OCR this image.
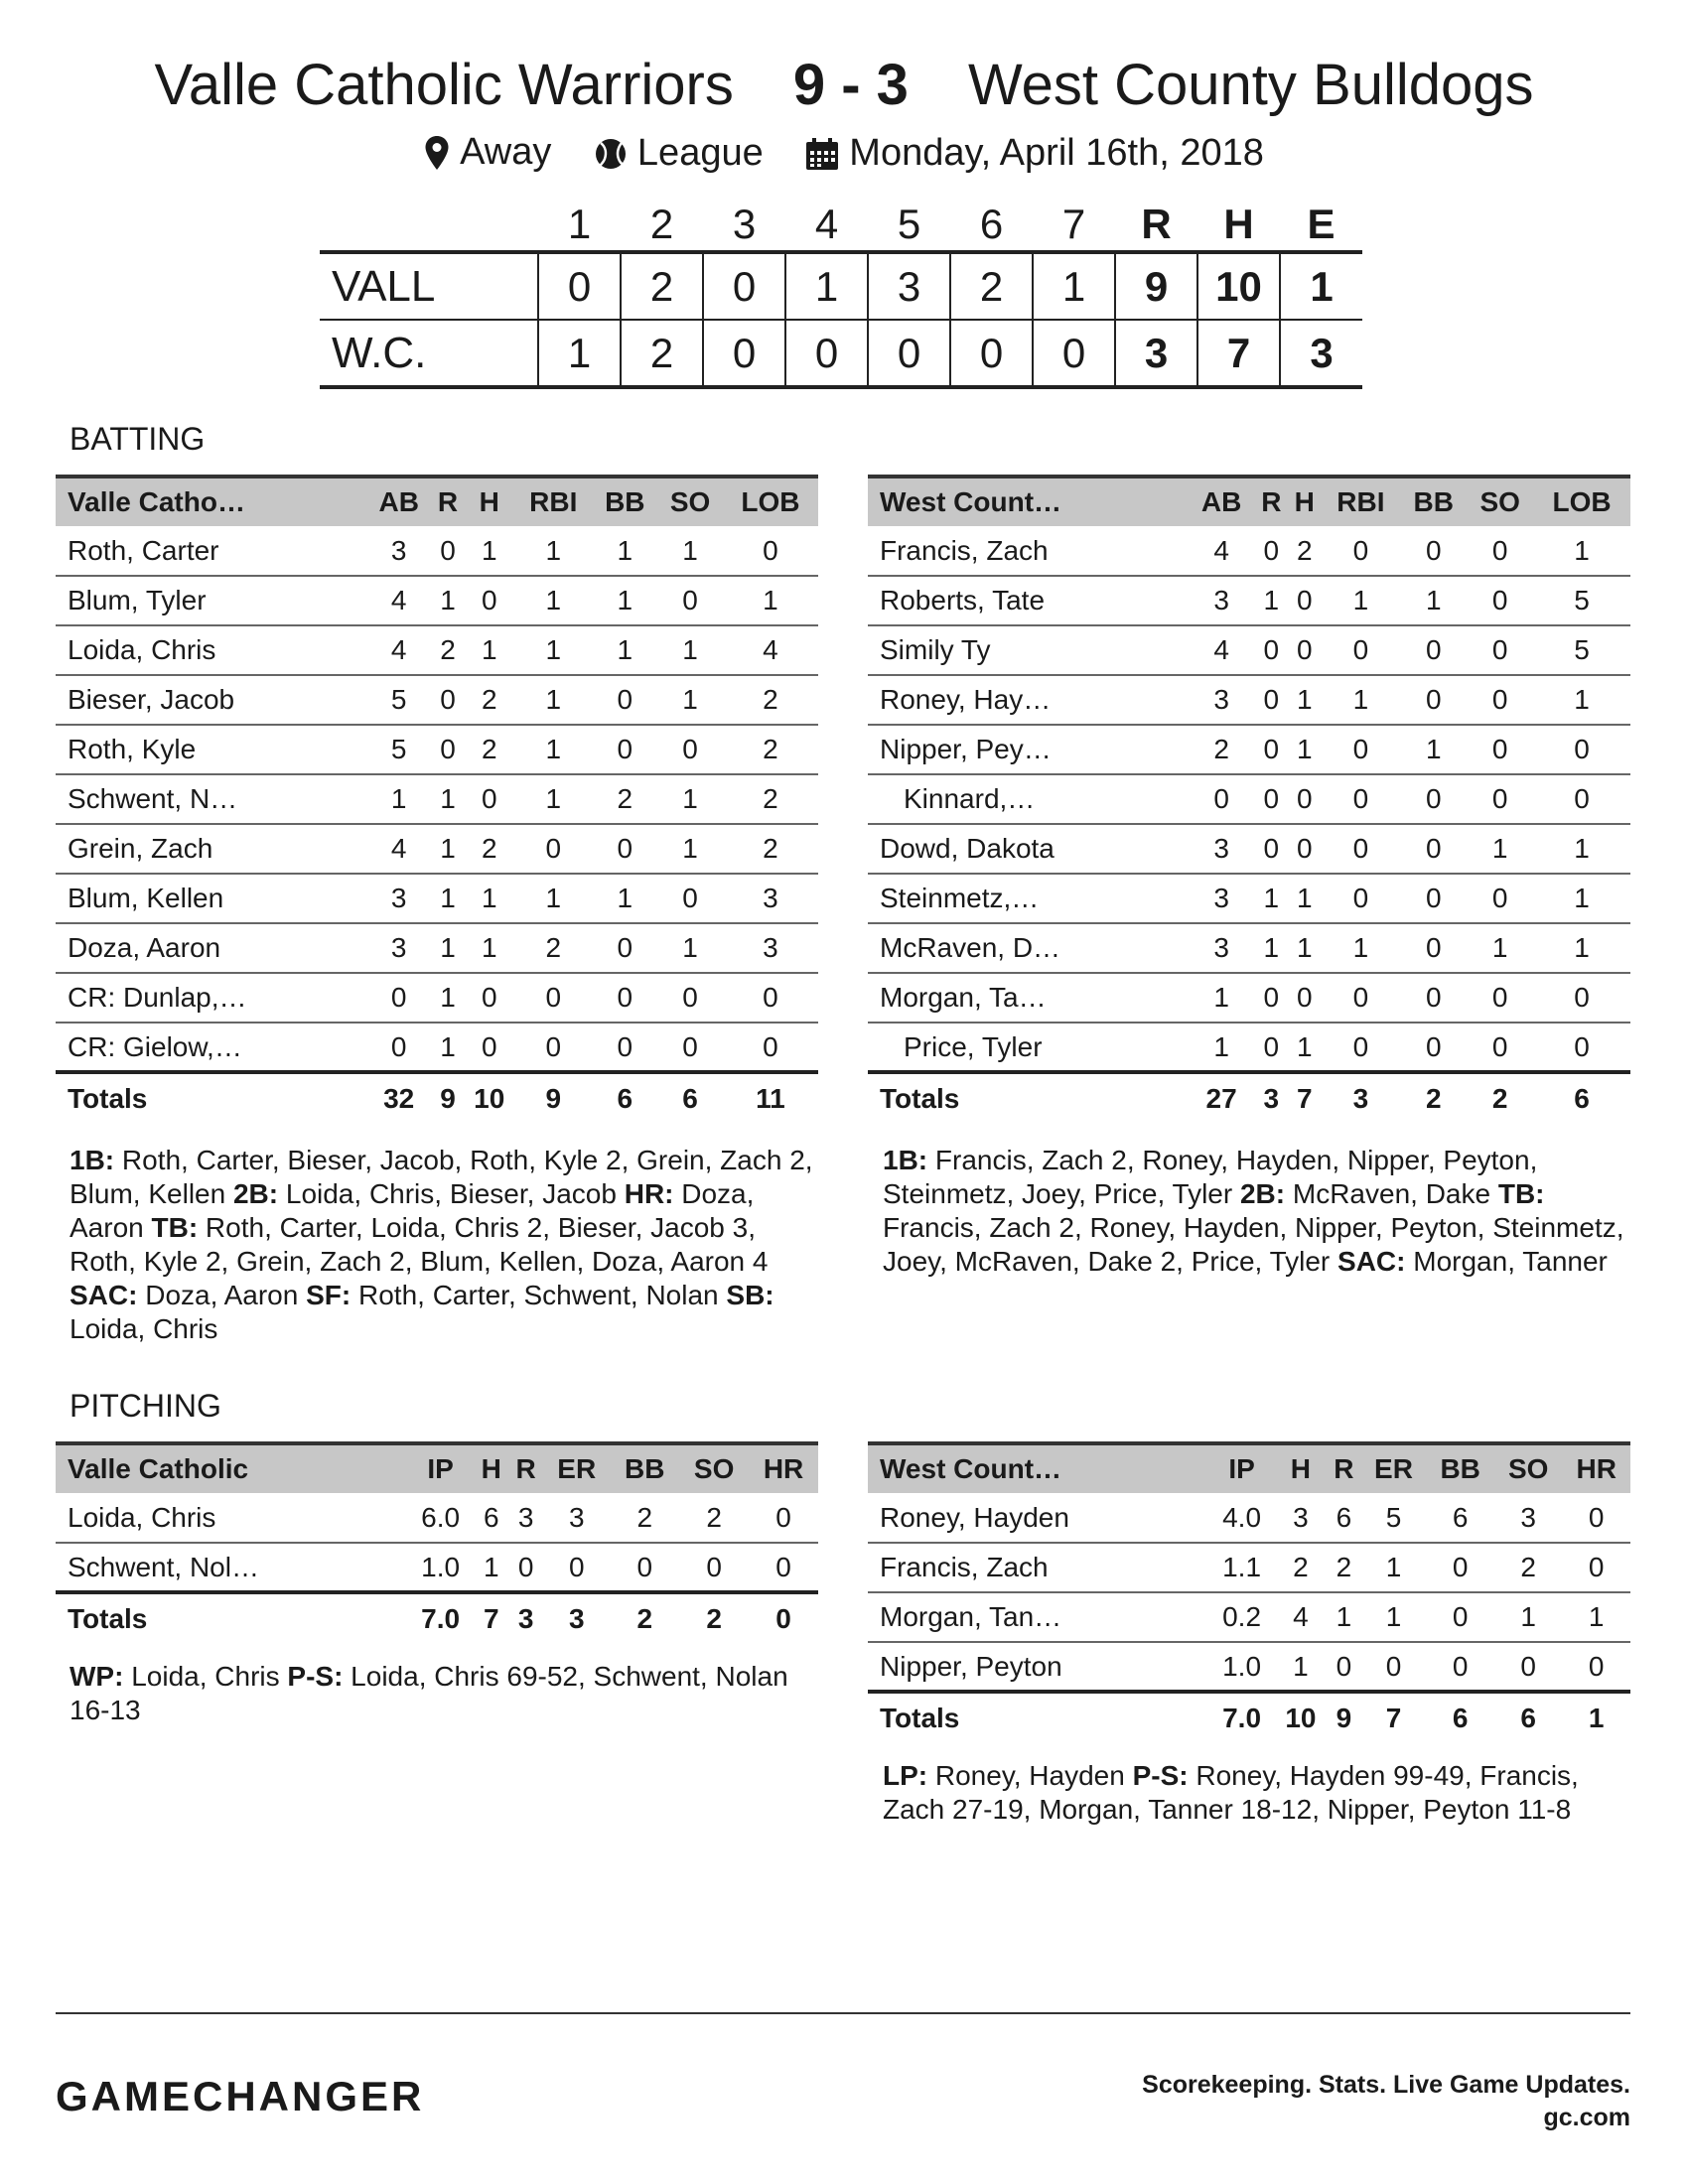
Valle Catholic Warriors 9 - 3 West County Bulldogs
Away
League
Monday, April 16th, 2018
	1	2	3	4	5	6	7	R	H	E
VALL	0	2	0	1	3	2	1	9	10	1
W.C.	1	2	0	0	0	0	0	3	7	3
BATTING
Valle Catho…	AB	R	H	RBI	BB	SO	LOB
Roth, Carter	3	0	1	1	1	1	0
Blum, Tyler	4	1	0	1	1	0	1
Loida, Chris	4	2	1	1	1	1	4
Bieser, Jacob	5	0	2	1	0	1	2
Roth, Kyle	5	0	2	1	0	0	2
Schwent, N…	1	1	0	1	2	1	2
Grein, Zach	4	1	2	0	0	1	2
Blum, Kellen	3	1	1	1	1	0	3
Doza, Aaron	3	1	1	2	0	1	3
CR: Dunlap,…	0	1	0	0	0	0	0
CR: Gielow,…	0	1	0	0	0	0	0
Totals	32	9	10	9	6	6	11
West Count…	AB	R	H	RBI	BB	SO	LOB
Francis, Zach	4	0	2	0	0	0	1
Roberts, Tate	3	1	0	1	1	0	5
Simily Ty	4	0	0	0	0	0	5
Roney, Hay…	3	0	1	1	0	0	1
Nipper, Pey…	2	0	1	0	1	0	0
Kinnard,…	0	0	0	0	0	0	0
Dowd, Dakota	3	0	0	0	0	1	1
Steinmetz,…	3	1	1	0	0	0	1
McRaven, D…	3	1	1	1	0	1	1
Morgan, Ta…	1	0	0	0	0	0	0
Price, Tyler	1	0	1	0	0	0	0
Totals	27	3	7	3	2	2	6
1B: Roth, Carter, Bieser, Jacob, Roth, Kyle 2, Grein, Zach 2, Blum, Kellen 2B: Loida, Chris, Bieser, Jacob HR: Doza, Aaron TB: Roth, Carter, Loida, Chris 2, Bieser, Jacob 3, Roth, Kyle 2, Grein, Zach 2, Blum, Kellen, Doza, Aaron 4 SAC: Doza, Aaron SF: Roth, Carter, Schwent, Nolan SB: Loida, Chris
1B: Francis, Zach 2, Roney, Hayden, Nipper, Peyton, Steinmetz, Joey, Price, Tyler 2B: McRaven, Dake TB: Francis, Zach 2, Roney, Hayden, Nipper, Peyton, Steinmetz, Joey, McRaven, Dake 2, Price, Tyler SAC: Morgan, Tanner
PITCHING
Valle Catholic	IP	H	R	ER	BB	SO	HR
Loida, Chris	6.0	6	3	3	2	2	0
Schwent, Nol…	1.0	1	0	0	0	0	0
Totals	7.0	7	3	3	2	2	0
West Count…	IP	H	R	ER	BB	SO	HR
Roney, Hayden	4.0	3	6	5	6	3	0
Francis, Zach	1.1	2	2	1	0	2	0
Morgan, Tan…	0.2	4	1	1	0	1	1
Nipper, Peyton	1.0	1	0	0	0	0	0
Totals	7.0	10	9	7	6	6	1
WP: Loida, Chris P-S: Loida, Chris 69-52, Schwent, Nolan 16-13
LP: Roney, Hayden P-S: Roney, Hayden 99-49, Francis, Zach 27-19, Morgan, Tanner 18-12, Nipper, Peyton 11-8
GAMECHANGER	Scorekeeping. Stats. Live Game Updates.
gc.com
